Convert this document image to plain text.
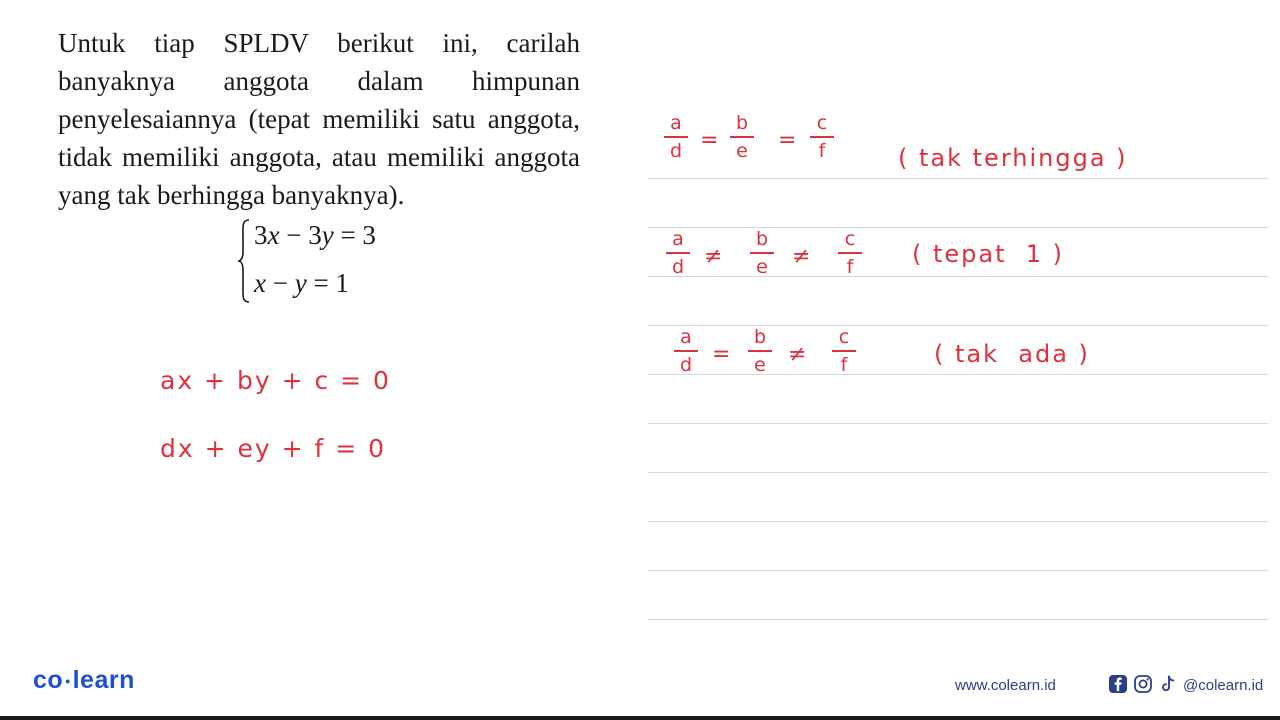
Untuk tiap SPLDV berikut ini, carilah banyaknya anggota dalam himpunan penyelesaiannya (tepat memiliki satu anggota, tidak memiliki anggota, atau memiliki anggota yang tak berhingga banyaknya).
3x − 3y = 3
x − y = 1
ax + by + c = 0
dx + ey + f = 0
a
d =
b
e =
c
f	( tak terhingga )
a
d ≠
b
e ≠
c
f	( tepat  1 )
a
d =
b
e ≠
c
f	( tak  ada )
co •learn	www.colearn.id	@colearn.id
